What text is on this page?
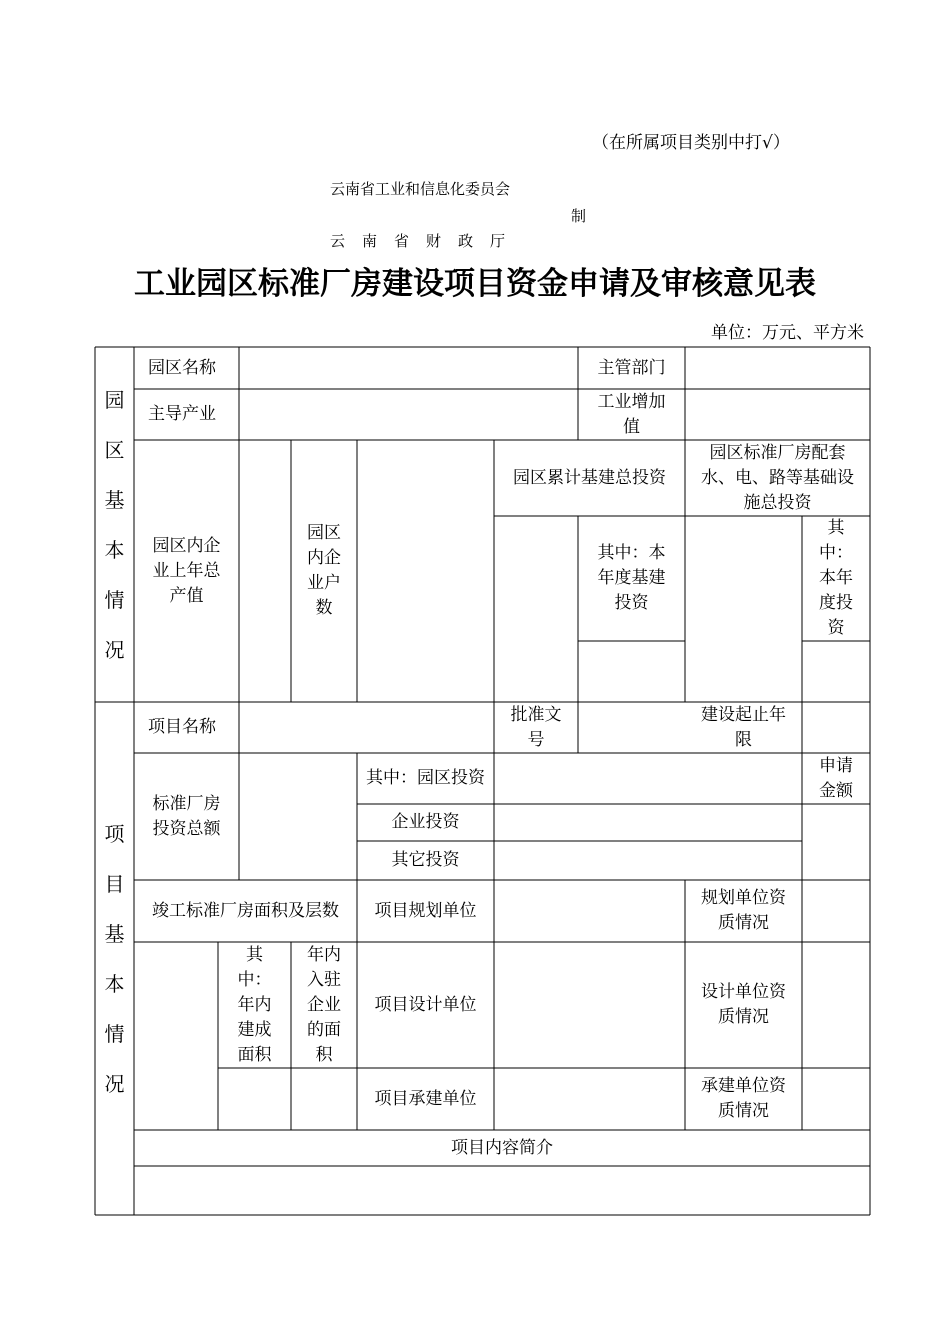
（在所属项目类别中打√）
云南省工业和信息化委员会
制
云南省财政厅
工业园区标准厂房建设项目资金申请及审核意见表
单位：万元、平方米
园区基本情况
项目基本情况
园区名称	主管部门
主导产业
工业增加值
园区内企业上年总产值
园区内企业户数
园区累计基建总投资
园区标准厂房配套水、电、路等基础设施总投资
其中：本年度基建投资
其中：本年度投资
项目名称
批准文号
建设起止年限
标准厂房投资总额
其中：园区投资
申请金额
企业投资
其它投资
竣工标准厂房面积及层数	项目规划单位
规划单位资质情况
其中：年内建成面积
年内入驻企业的面积
项目设计单位
设计单位资质情况
项目承建单位
承建单位资质情况
项目内容简介
